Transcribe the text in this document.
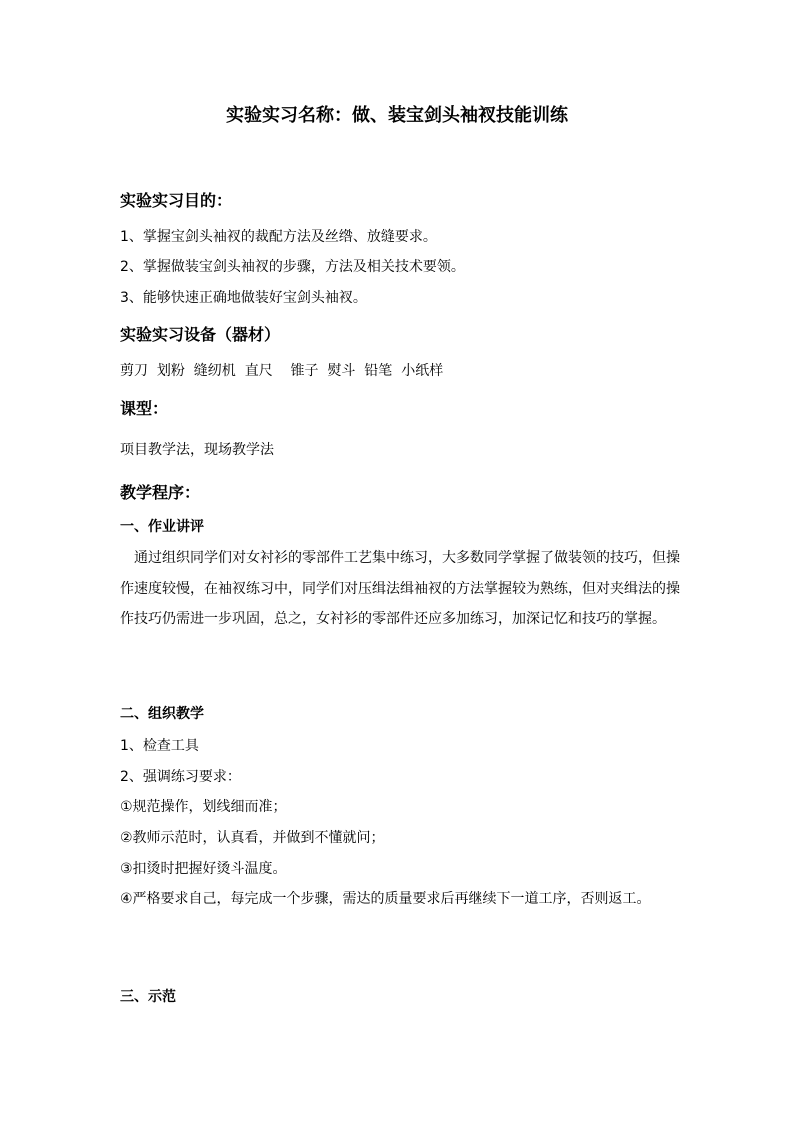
实验实习名称：做、装宝剑头袖衩技能训练
实验实习目的：
1、掌握宝剑头袖衩的裁配方法及丝绺、放缝要求。
2、掌握做装宝剑头袖衩的步骤，方法及相关技术要领。
3、能够快速正确地做装好宝剑头袖衩。
实验实习设备（器材）
剪刀  划粉  缝纫机  直尺    锥子  熨斗  铅笔  小纸样
课型：
项目教学法，现场教学法
教学程序：
一、作业讲评
通过组织同学们对女衬衫的零部件工艺集中练习，大多数同学掌握了做装领的技巧，但操作速度较慢，在袖衩练习中，同学们对压缉法缉袖衩的方法掌握较为熟练，但对夹缉法的操作技巧仍需进一步巩固，总之，女衬衫的零部件还应多加练习，加深记忆和技巧的掌握。
二、组织教学
1、检查工具
2、强调练习要求：
①规范操作，划线细而准；
②教师示范时，认真看，并做到不懂就问；
③扣烫时把握好烫斗温度。
④严格要求自己，每完成一个步骤，需达的质量要求后再继续下一道工序，否则返工。
三、示范
